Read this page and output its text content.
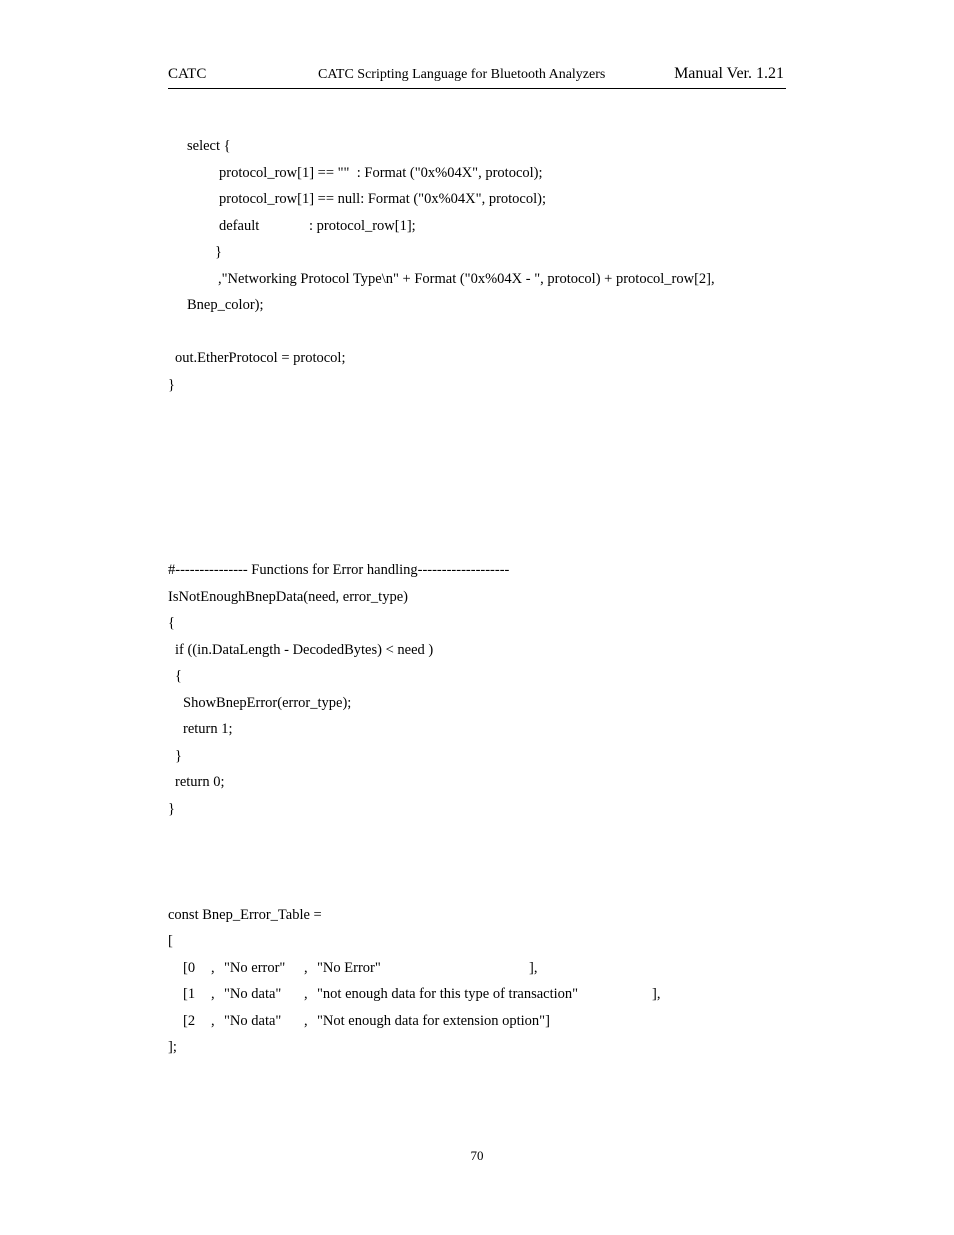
CATC	CATC Scripting Language for Bluetooth Analyzers	Manual Ver. 1.21
select {
protocol_row[1] == ""  : Format ("0x%04X", protocol);
protocol_row[1] == null: Format ("0x%04X", protocol);
default	: protocol_row[1];
}
,"Networking Protocol Type\n" + Format ("0x%04X - ", protocol) + protocol_row[2],
Bnep_color);
out.EtherProtocol = protocol;
}
#--------------- Functions for Error handling-------------------
IsNotEnoughBnepData(need, error_type)
{
if ((in.DataLength - DecodedBytes) < need )
{
ShowBnepError(error_type);
return 1;
}
return 0;
}
const Bnep_Error_Table =
[
[0 , "No error" , "No Error"	],
[1 , "No data" , "not enough data for this type of transaction"	],
[2 , "No data" , "Not enough data for extension option"]
];
70
